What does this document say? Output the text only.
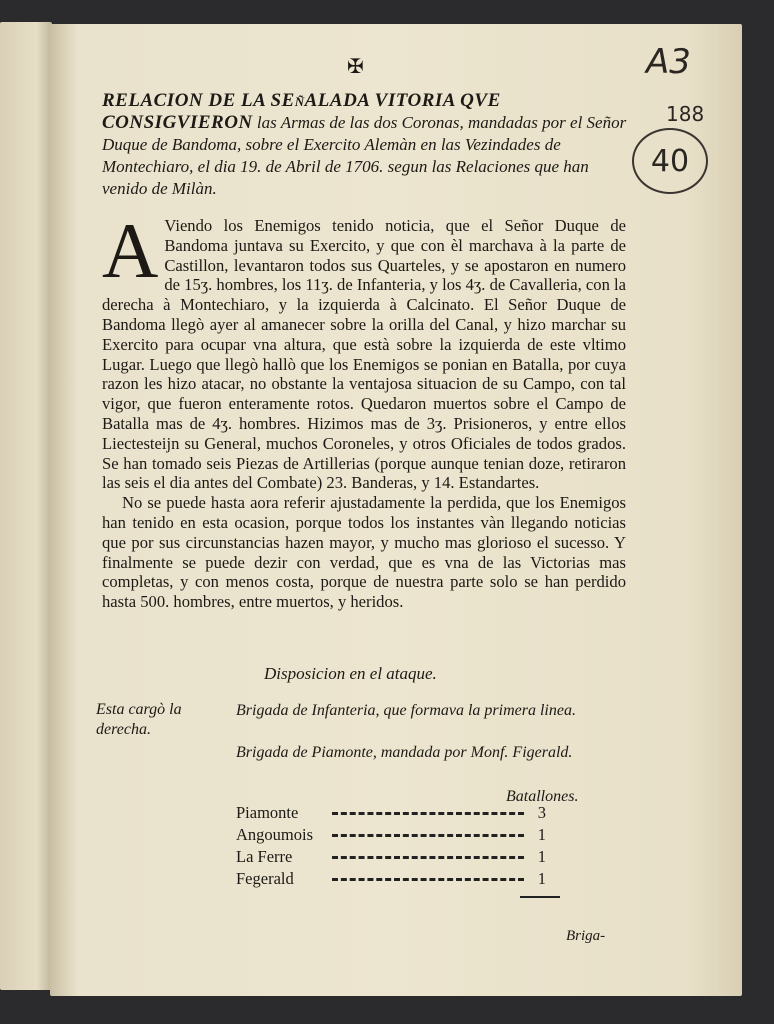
✠	A3
188
40
RELACION DE LA SEñALADA VITORIA QVE CONSIGVIERON las Armas de las dos Coronas, mandadas por el Señor Duque de Bandoma, sobre el Exercito Alemàn en las Vezindades de Montechiaro, el dia 19. de Abril de 1706. segun las Relaciones que han venido de Milàn.
A Viendo los Enemigos tenido noticia, que el Señor Duque de Bandoma juntava su Exercito, y que con èl marchava à la parte de Castillon, levantaron todos sus Quarteles, y se apostaron en numero de 15ʒ. hombres, los 11ʒ. de Infanteria, y los 4ʒ. de Cavalleria, con la derecha à Montechiaro, y la izquierda à Calcinato. El Señor Duque de Bandoma llegò ayer al amanecer sobre la orilla del Canal, y hizo marchar su Exercito para ocupar vna altura, que està sobre la izquierda de este vltimo Lugar. Luego que llegò hallò que los Enemigos se ponian en Batalla, por cuya razon les hizo atacar, no obstante la ventajosa situacion de su Campo, con tal vigor, que fueron enteramente rotos. Quedaron muertos sobre el Campo de Batalla mas de 4ʒ. hombres. Hizimos mas de 3ʒ. Prisioneros, y entre ellos Liectesteijn su General, muchos Coroneles, y otros Oficiales de todos grados. Se han tomado seis Piezas de Artillerias (porque aunque tenian doze, retiraron las seis el dia antes del Combate) 23. Banderas, y 14. Estandartes.
No se puede hasta aora referir ajustadamente la perdida, que los Enemigos han tenido en esta ocasion, porque todos los instantes vàn llegando noticias que por sus circunstancias hazen mayor, y mucho mas glorioso el sucesso. Y finalmente se puede dezir con verdad, que es vna de las Victorias mas completas, y con menos costa, porque de nuestra parte solo se han perdido hasta 500. hombres, entre muertos, y heridos.
Disposicion en el ataque.
Esta cargò la derecha.
Brigada de Infanteria, que formava la primera linea.
Brigada de Piamonte, mandada por Monf. Figerald.
Batallones.
Piamonte	3
Angoumois	1
La Ferre	1
Fegerald	1
Briga-
